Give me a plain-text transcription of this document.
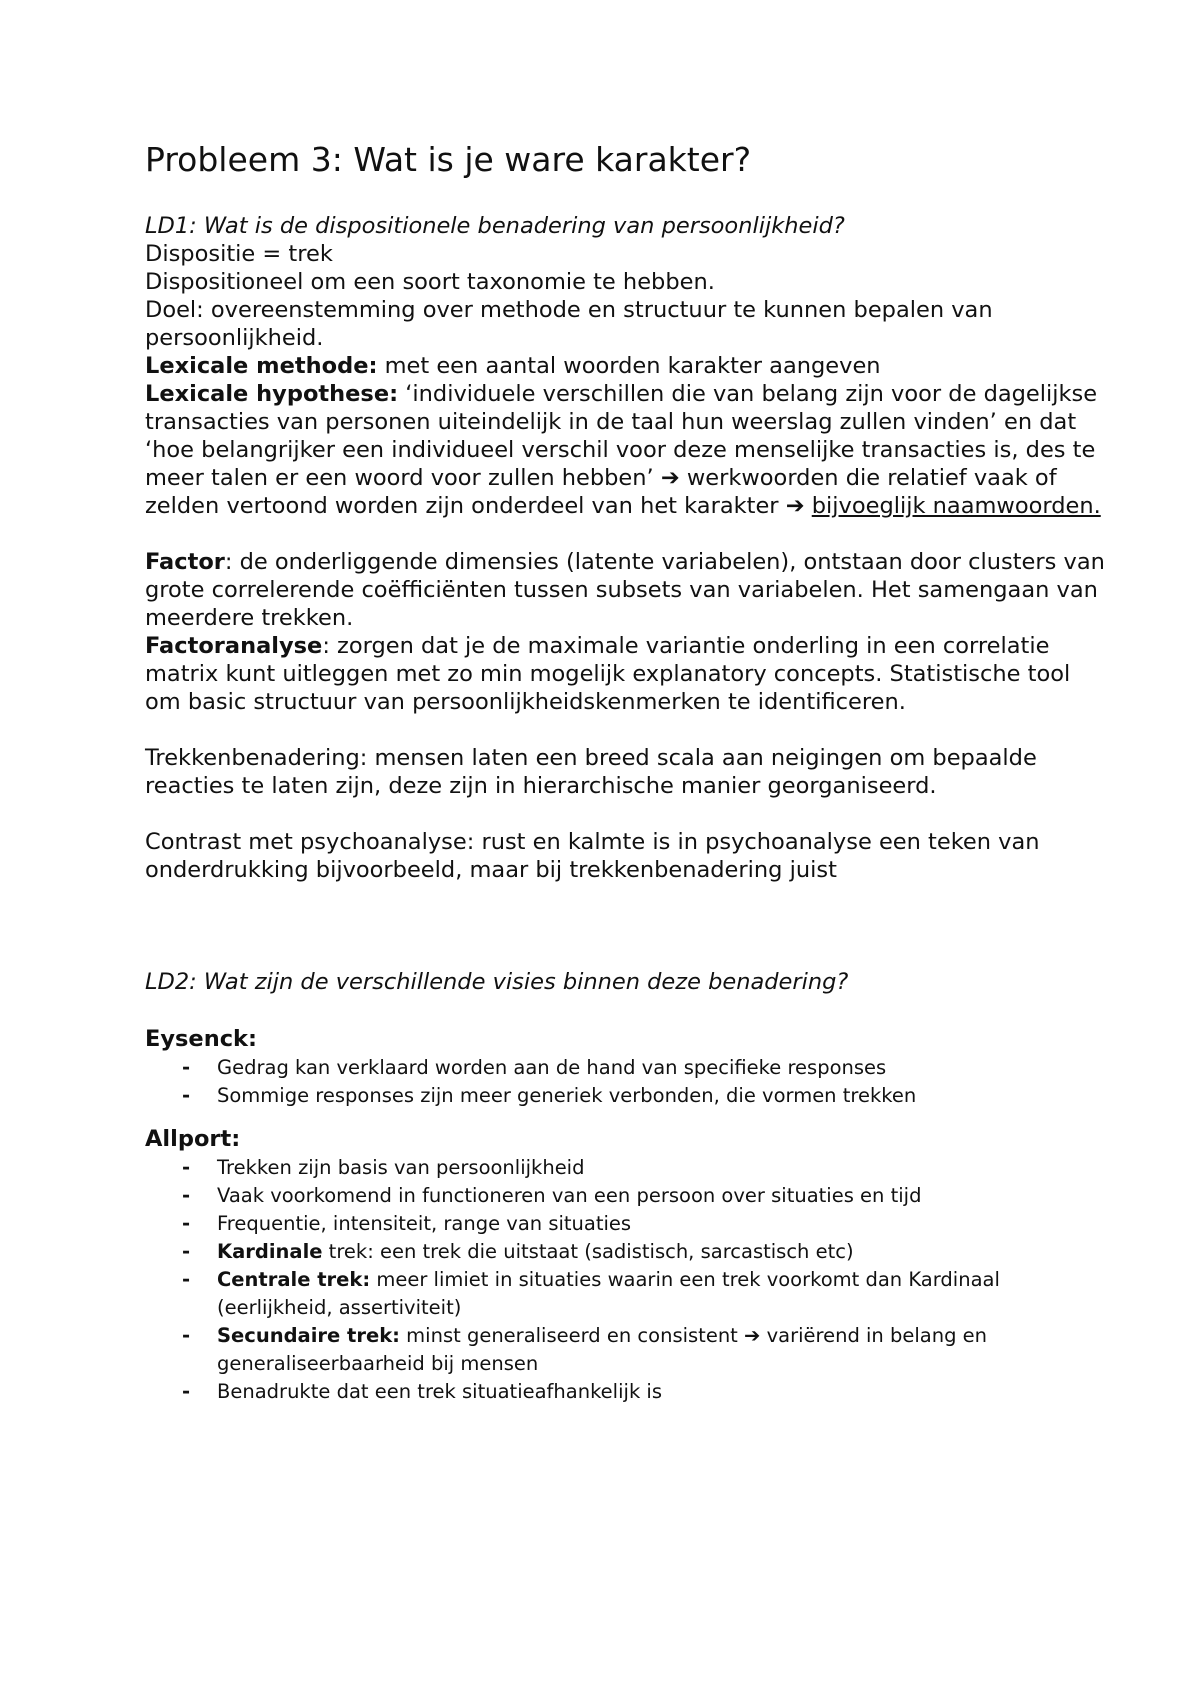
Probleem 3: Wat is je ware karakter?

LD1: Wat is de dispositionele benadering van persoonlijkheid?

Dispositie = trek

Dispositioneel om een soort taxonomie te hebben.

Doel: overeenstemming over methode en structuur te kunnen bepalen van persoonlijkheid.

Lexicale methode: met een aantal woorden karakter aangeven

Lexicale hypothese: ‘individuele verschillen die van belang zijn voor de dagelijkse transacties van personen uiteindelijk in de taal hun weerslag zullen vinden’ en dat ‘hoe belangrijker een individueel verschil voor deze menselijke transacties is, des te meer talen er een woord voor zullen hebben’ ➔ werkwoorden die relatief vaak of zelden vertoond worden zijn onderdeel van het karakter ➔ bijvoeglijk naamwoorden.

Factor: de onderliggende dimensies (latente variabelen), ontstaan door clusters van grote correlerende coëfficiënten tussen subsets van variabelen. Het samengaan van meerdere trekken.

Factoranalyse: zorgen dat je de maximale variantie onderling in een correlatie matrix kunt uitleggen met zo min mogelijk explanatory concepts. Statistische tool om basic structuur van persoonlijkheidskenmerken te identificeren.

Trekkenbenadering: mensen laten een breed scala aan neigingen om bepaalde reacties te laten zijn, deze zijn in hierarchische manier georganiseerd.

Contrast met psychoanalyse: rust en kalmte is in psychoanalyse een teken van onderdrukking bijvoorbeeld, maar bij trekkenbenadering juist

LD2: Wat zijn de verschillende visies binnen deze benadering?

Eysenck:

- Gedrag kan verklaard worden aan de hand van specifieke responses
- Sommige responses zijn meer generiek verbonden, die vormen trekken

Allport:

- Trekken zijn basis van persoonlijkheid
- Vaak voorkomend in functioneren van een persoon over situaties en tijd
- Frequentie, intensiteit, range van situaties
- Kardinale trek: een trek die uitstaat (sadistisch, sarcastisch etc)
- Centrale trek: meer limiet in situaties waarin een trek voorkomt dan Kardinaal (eerlijkheid, assertiviteit)
- Secundaire trek: minst generaliseerd en consistent ➔ variërend in belang en generaliseerbaarheid bij mensen
- Benadrukte dat een trek situatieafhankelijk is
